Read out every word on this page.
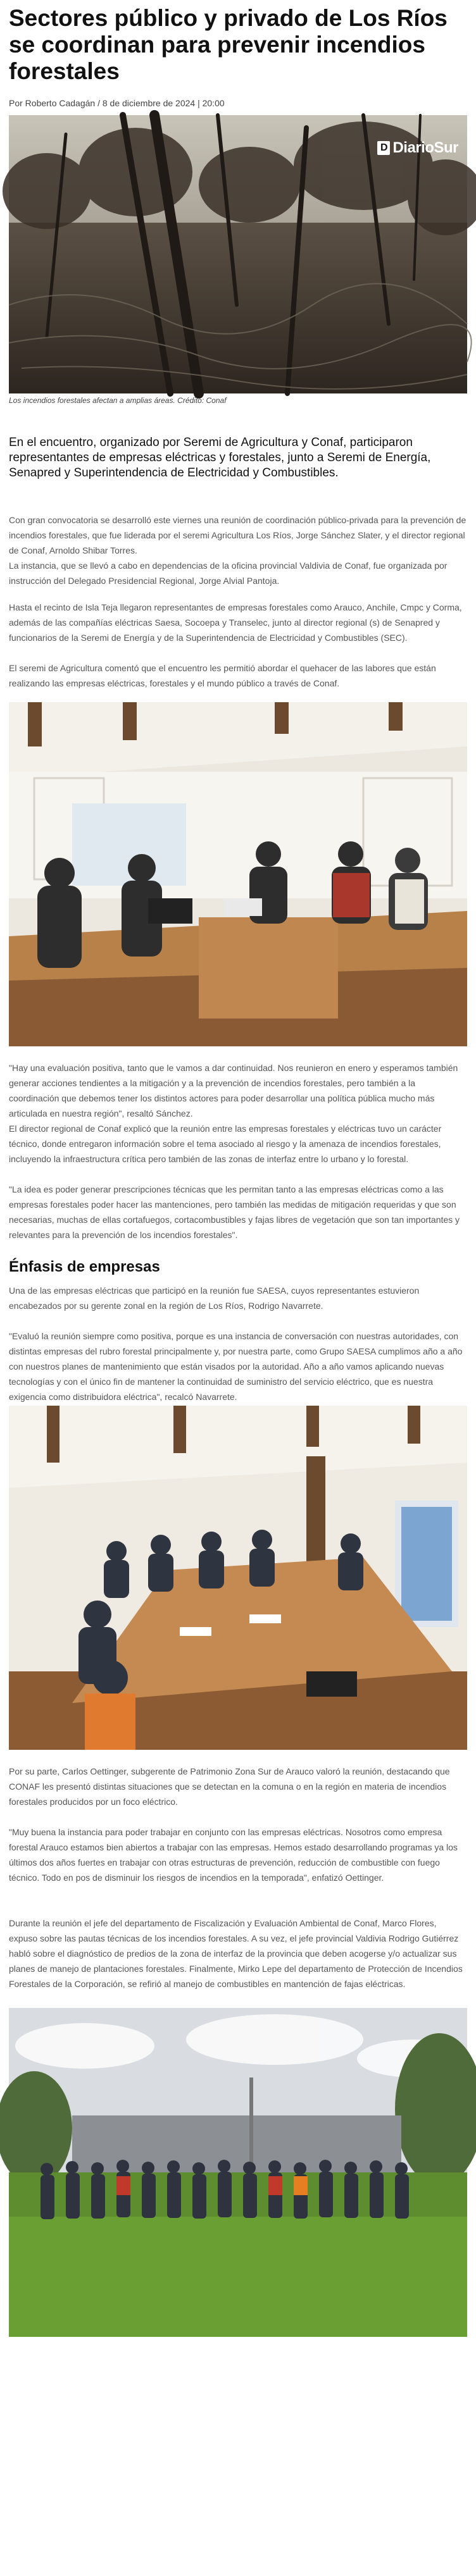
Sectores público y privado de Los Ríos se coordinan para prevenir incendios forestales
Por Roberto Cadagán / 8 de diciembre de 2024 | 20:00
D DiarioSur
Los incendios forestales afectan a amplias áreas. Crédito: Conaf
En el encuentro, organizado por Seremi de Agricultura y Conaf, participaron representantes de empresas eléctricas y forestales, junto a Seremi de Energía, Senapred y Superintendencia de Electricidad y Combustibles.

Con gran convocatoria se desarrolló este viernes una reunión de coordinación público-privada para la prevención de incendios forestales, que fue liderada por el seremi Agricultura Los Ríos, Jorge Sánchez Slater, y el director regional de Conaf, Arnoldo Shibar Torres.

La instancia, que se llevó a cabo en dependencias de la oficina provincial Valdivia de Conaf, fue organizada por instrucción del Delegado Presidencial Regional, Jorge Alvial Pantoja.

Hasta el recinto de Isla Teja llegaron representantes de empresas forestales como Arauco, Anchile, Cmpc y Corma, además de las compañías eléctricas Saesa, Socoepa y Transelec, junto al director regional (s) de Senapred y funcionarios de la Seremi de Energía y de la Superintendencia de Electricidad y Combustibles (SEC).

El seremi de Agricultura comentó que el encuentro les permitió abordar el quehacer de las labores que están realizando las empresas eléctricas, forestales y el mundo público a través de Conaf.

"Hay una evaluación positiva, tanto que le vamos a dar continuidad. Nos reunieron en enero y esperamos también generar acciones tendientes a la mitigación y a la prevención de incendios forestales, pero también a la coordinación que debemos tener los distintos actores para poder desarrollar una política pública mucho más articulada en nuestra región", resaltó Sánchez.

El director regional de Conaf explicó que la reunión entre las empresas forestales y eléctricas tuvo un carácter técnico, donde entregaron información sobre el tema asociado al riesgo y la amenaza de incendios forestales, incluyendo la infraestructura crítica pero también de las zonas de interfaz entre lo urbano y lo forestal.

"La idea es poder generar prescripciones técnicas que les permitan tanto a las empresas eléctricas como a las empresas forestales poder hacer las mantenciones, pero también las medidas de mitigación requeridas y que son necesarias, muchas de ellas cortafuegos, cortacombustibles y fajas libres de vegetación que son tan importantes y relevantes para la prevención de los incendios forestales".

Énfasis de empresas

Una de las empresas eléctricas que participó en la reunión fue SAESA, cuyos representantes estuvieron encabezados por su gerente zonal en la región de Los Ríos, Rodrigo Navarrete.

"Evaluó la reunión siempre como positiva, porque es una instancia de conversación con nuestras autoridades, con distintas empresas del rubro forestal principalmente y, por nuestra parte, como Grupo SAESA cumplimos año a año con nuestros planes de mantenimiento que están visados por la autoridad. Año a año vamos aplicando nuevas tecnologías y con el único fin de mantener la continuidad de suministro del servicio eléctrico, que es nuestra exigencia como distribuidora eléctrica", recalcó Navarrete.

Por su parte, Carlos Oettinger, subgerente de Patrimonio Zona Sur de Arauco valoró la reunión, destacando que CONAF les presentó distintas situaciones que se detectan en la comuna o en la región en materia de incendios forestales producidos por un foco eléctrico.

"Muy buena la instancia para poder trabajar en conjunto con las empresas eléctricas. Nosotros como empresa forestal Arauco estamos bien abiertos a trabajar con las empresas. Hemos estado desarrollando programas ya los últimos dos años fuertes en trabajar con otras estructuras de prevención, reducción de combustible con fuego técnico. Todo en pos de disminuir los riesgos de incendios en la temporada", enfatizó Oettinger.

Durante la reunión el jefe del departamento de Fiscalización y Evaluación Ambiental de Conaf, Marco Flores, expuso sobre las pautas técnicas de los incendios forestales. A su vez, el jefe provincial Valdivia Rodrigo Gutiérrez habló sobre el diagnóstico de predios de la zona de interfaz de la provincia que deben acogerse y/o actualizar sus planes de manejo de plantaciones forestales. Finalmente, Mirko Lepe del departamento de Protección de Incendios Forestales de la Corporación, se refirió al manejo de combustibles en mantención de fajas eléctricas.
